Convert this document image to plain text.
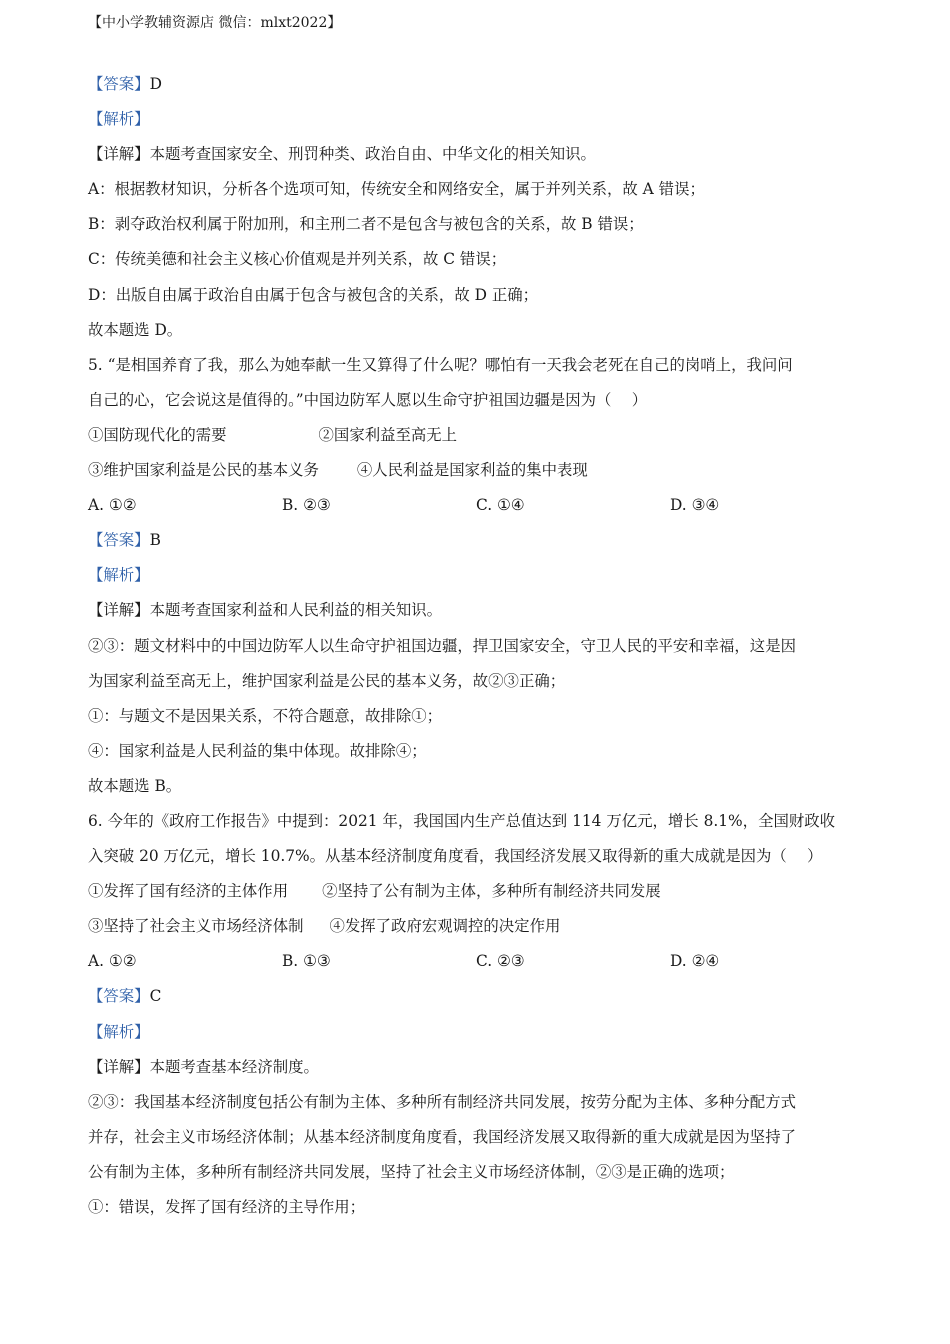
【中小学教辅资源店 微信：mlxt2022】
【答案】D
【解析】
【详解】本题考查国家安全、刑罚种类、政治自由、中华文化的相关知识。
A：根据教材知识，分析各个选项可知，传统安全和网络安全，属于并列关系，故 A 错误；
B：剥夺政治权利属于附加刑，和主刑二者不是包含与被包含的关系，故 B 错误；
C：传统美德和社会主义核心价值观是并列关系，故 C 错误；
D：出版自由属于政治自由属于包含与被包含的关系，故 D 正确；
故本题选 D。
5. “是相国养育了我，那么为她奉献一生又算得了什么呢？哪怕有一天我会老死在自己的岗哨上，我问问
自己的心，它会说这是值得的。”中国边防军人愿以生命守护祖国边疆是因为（　 ）
①国防现代化的需要	②国家利益至高无上
③维护国家利益是公民的基本义务 ④人民利益是国家利益的集中表现
A. ①②	B. ②③	C. ①④	D. ③④
【答案】B
【解析】
【详解】本题考查国家利益和人民利益的相关知识。
②③：题文材料中的中国边防军人以生命守护祖国边疆，捍卫国家安全，守卫人民的平安和幸福，这是因
为国家利益至高无上，维护国家利益是公民的基本义务，故②③正确；
①：与题文不是因果关系，不符合题意，故排除①；
④：国家利益是人民利益的集中体现。故排除④；
故本题选 B。
6. 今年的《政府工作报告》中提到：2021 年，我国国内生产总值达到 114 万亿元，增长 8.1%，全国财政收
入突破 20 万亿元，增长 10.7%。从基本经济制度角度看，我国经济发展又取得新的重大成就是因为（　 ）
①发挥了国有经济的主体作用 ②坚持了公有制为主体，多种所有制经济共同发展
③坚持了社会主义市场经济体制 ④发挥了政府宏观调控的决定作用
A. ①②	B. ①③	C. ②③	D. ②④
【答案】C
【解析】
【详解】本题考查基本经济制度。
②③：我国基本经济制度包括公有制为主体、多种所有制经济共同发展，按劳分配为主体、多种分配方式
并存，社会主义市场经济体制；从基本经济制度角度看，我国经济发展又取得新的重大成就是因为坚持了
公有制为主体，多种所有制经济共同发展，坚持了社会主义市场经济体制，②③是正确的选项；
①：错误，发挥了国有经济的主导作用；
